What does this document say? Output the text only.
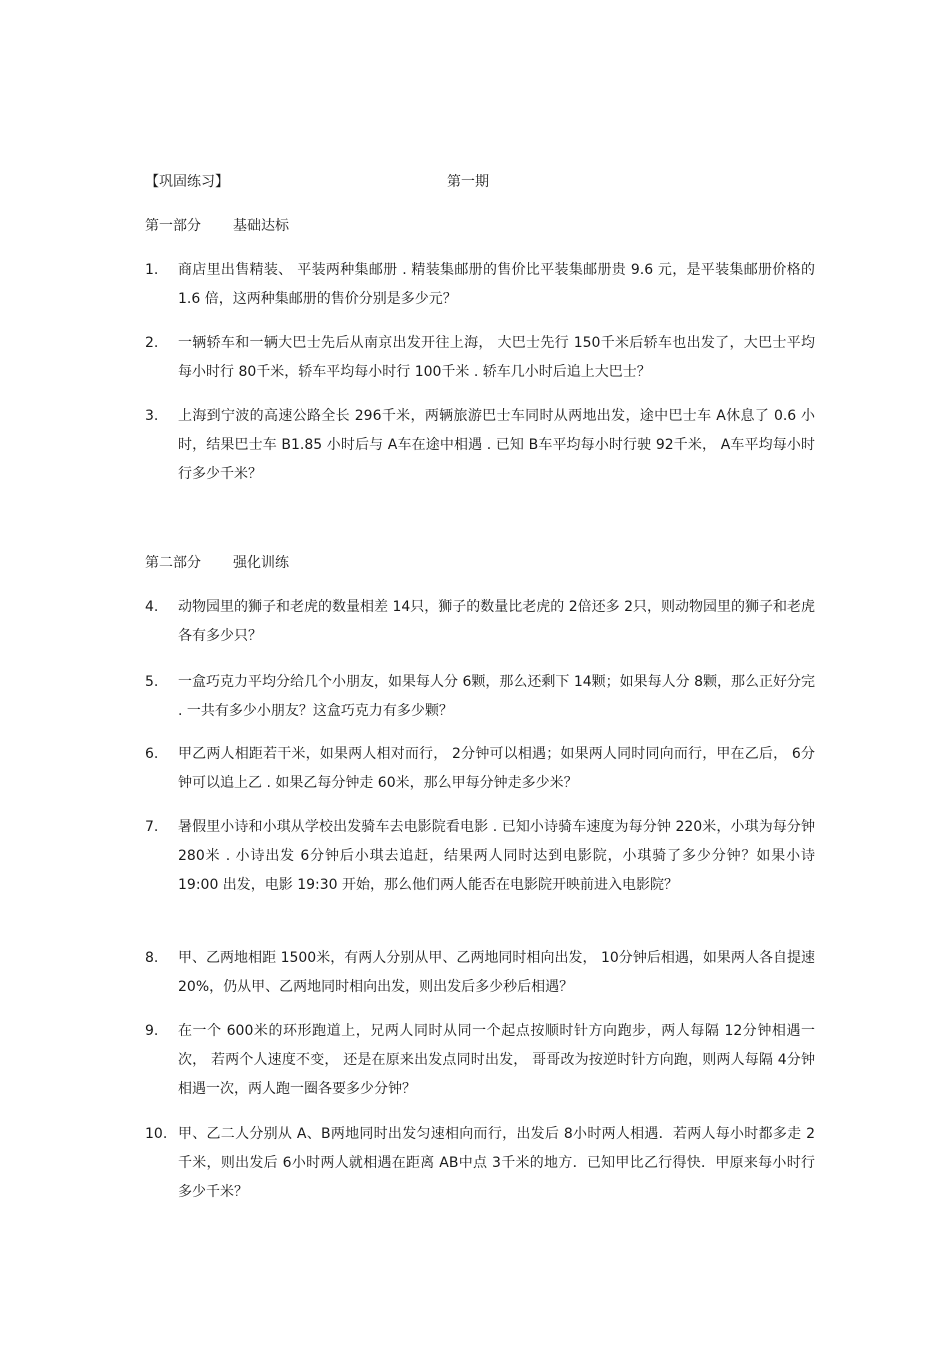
【巩固练习】	第一期
第一部分 基础达标
1.	商店里出售精装、 平装两种集邮册 . 精装集邮册的售价比平装集邮册贵 9.6 元，是平装集邮册价格的 1.6 倍，这两种集邮册的售价分别是多少元？
2.	一辆轿车和一辆大巴士先后从南京出发开往上海， 大巴士先行 150千米后轿车也出发了，大巴士平均每小时行 80千米，轿车平均每小时行 100千米 . 轿车几小时后追上大巴士？
3.	上海到宁波的高速公路全长 296千米，两辆旅游巴士车同时从两地出发，途中巴士车 A休息了 0.6 小时，结果巴士车 B1.85 小时后与 A车在途中相遇 . 已知 B车平均每小时行驶 92千米， A车平均每小时行多少千米？
第二部分 强化训练
4.	动物园里的狮子和老虎的数量相差 14只，狮子的数量比老虎的 2倍还多 2只，则动物园里的狮子和老虎各有多少只？
5.	一盒巧克力平均分给几个小朋友，如果每人分 6颗，那么还剩下 14颗；如果每人分 8颗，那么正好分完 . 一共有多少小朋友？这盒巧克力有多少颗？
6.	甲乙两人相距若干米，如果两人相对而行， 2分钟可以相遇；如果两人同时同向而行，甲在乙后， 6分钟可以追上乙 . 如果乙每分钟走 60米，那么甲每分钟走多少米？
7.	暑假里小诗和小琪从学校出发骑车去电影院看电影 . 已知小诗骑车速度为每分钟 220米，小琪为每分钟 280米 . 小诗出发 6分钟后小琪去追赶，结果两人同时达到电影院，小琪骑了多少分钟？如果小诗 19:00 出发，电影 19:30 开始，那么他们两人能否在电影院开映前进入电影院？
8.	甲、乙两地相距 1500米，有两人分别从甲、乙两地同时相向出发， 10分钟后相遇，如果两人各自提速 20%，仍从甲、乙两地同时相向出发，则出发后多少秒后相遇？
9.	在一个 600米的环形跑道上，兄两人同时从同一个起点按顺时针方向跑步，两人每隔 12分钟相遇一次， 若两个人速度不变， 还是在原来出发点同时出发， 哥哥改为按逆时针方向跑，则两人每隔 4分钟相遇一次，两人跑一圈各要多少分钟？
10. 甲、乙二人分别从 A、B两地同时出发匀速相向而行，出发后 8小时两人相遇．若两人每小时都多走 2千米，则出发后 6小时两人就相遇在距离 AB中点 3千米的地方．已知甲比乙行得快．甲原来每小时行多少千米？
